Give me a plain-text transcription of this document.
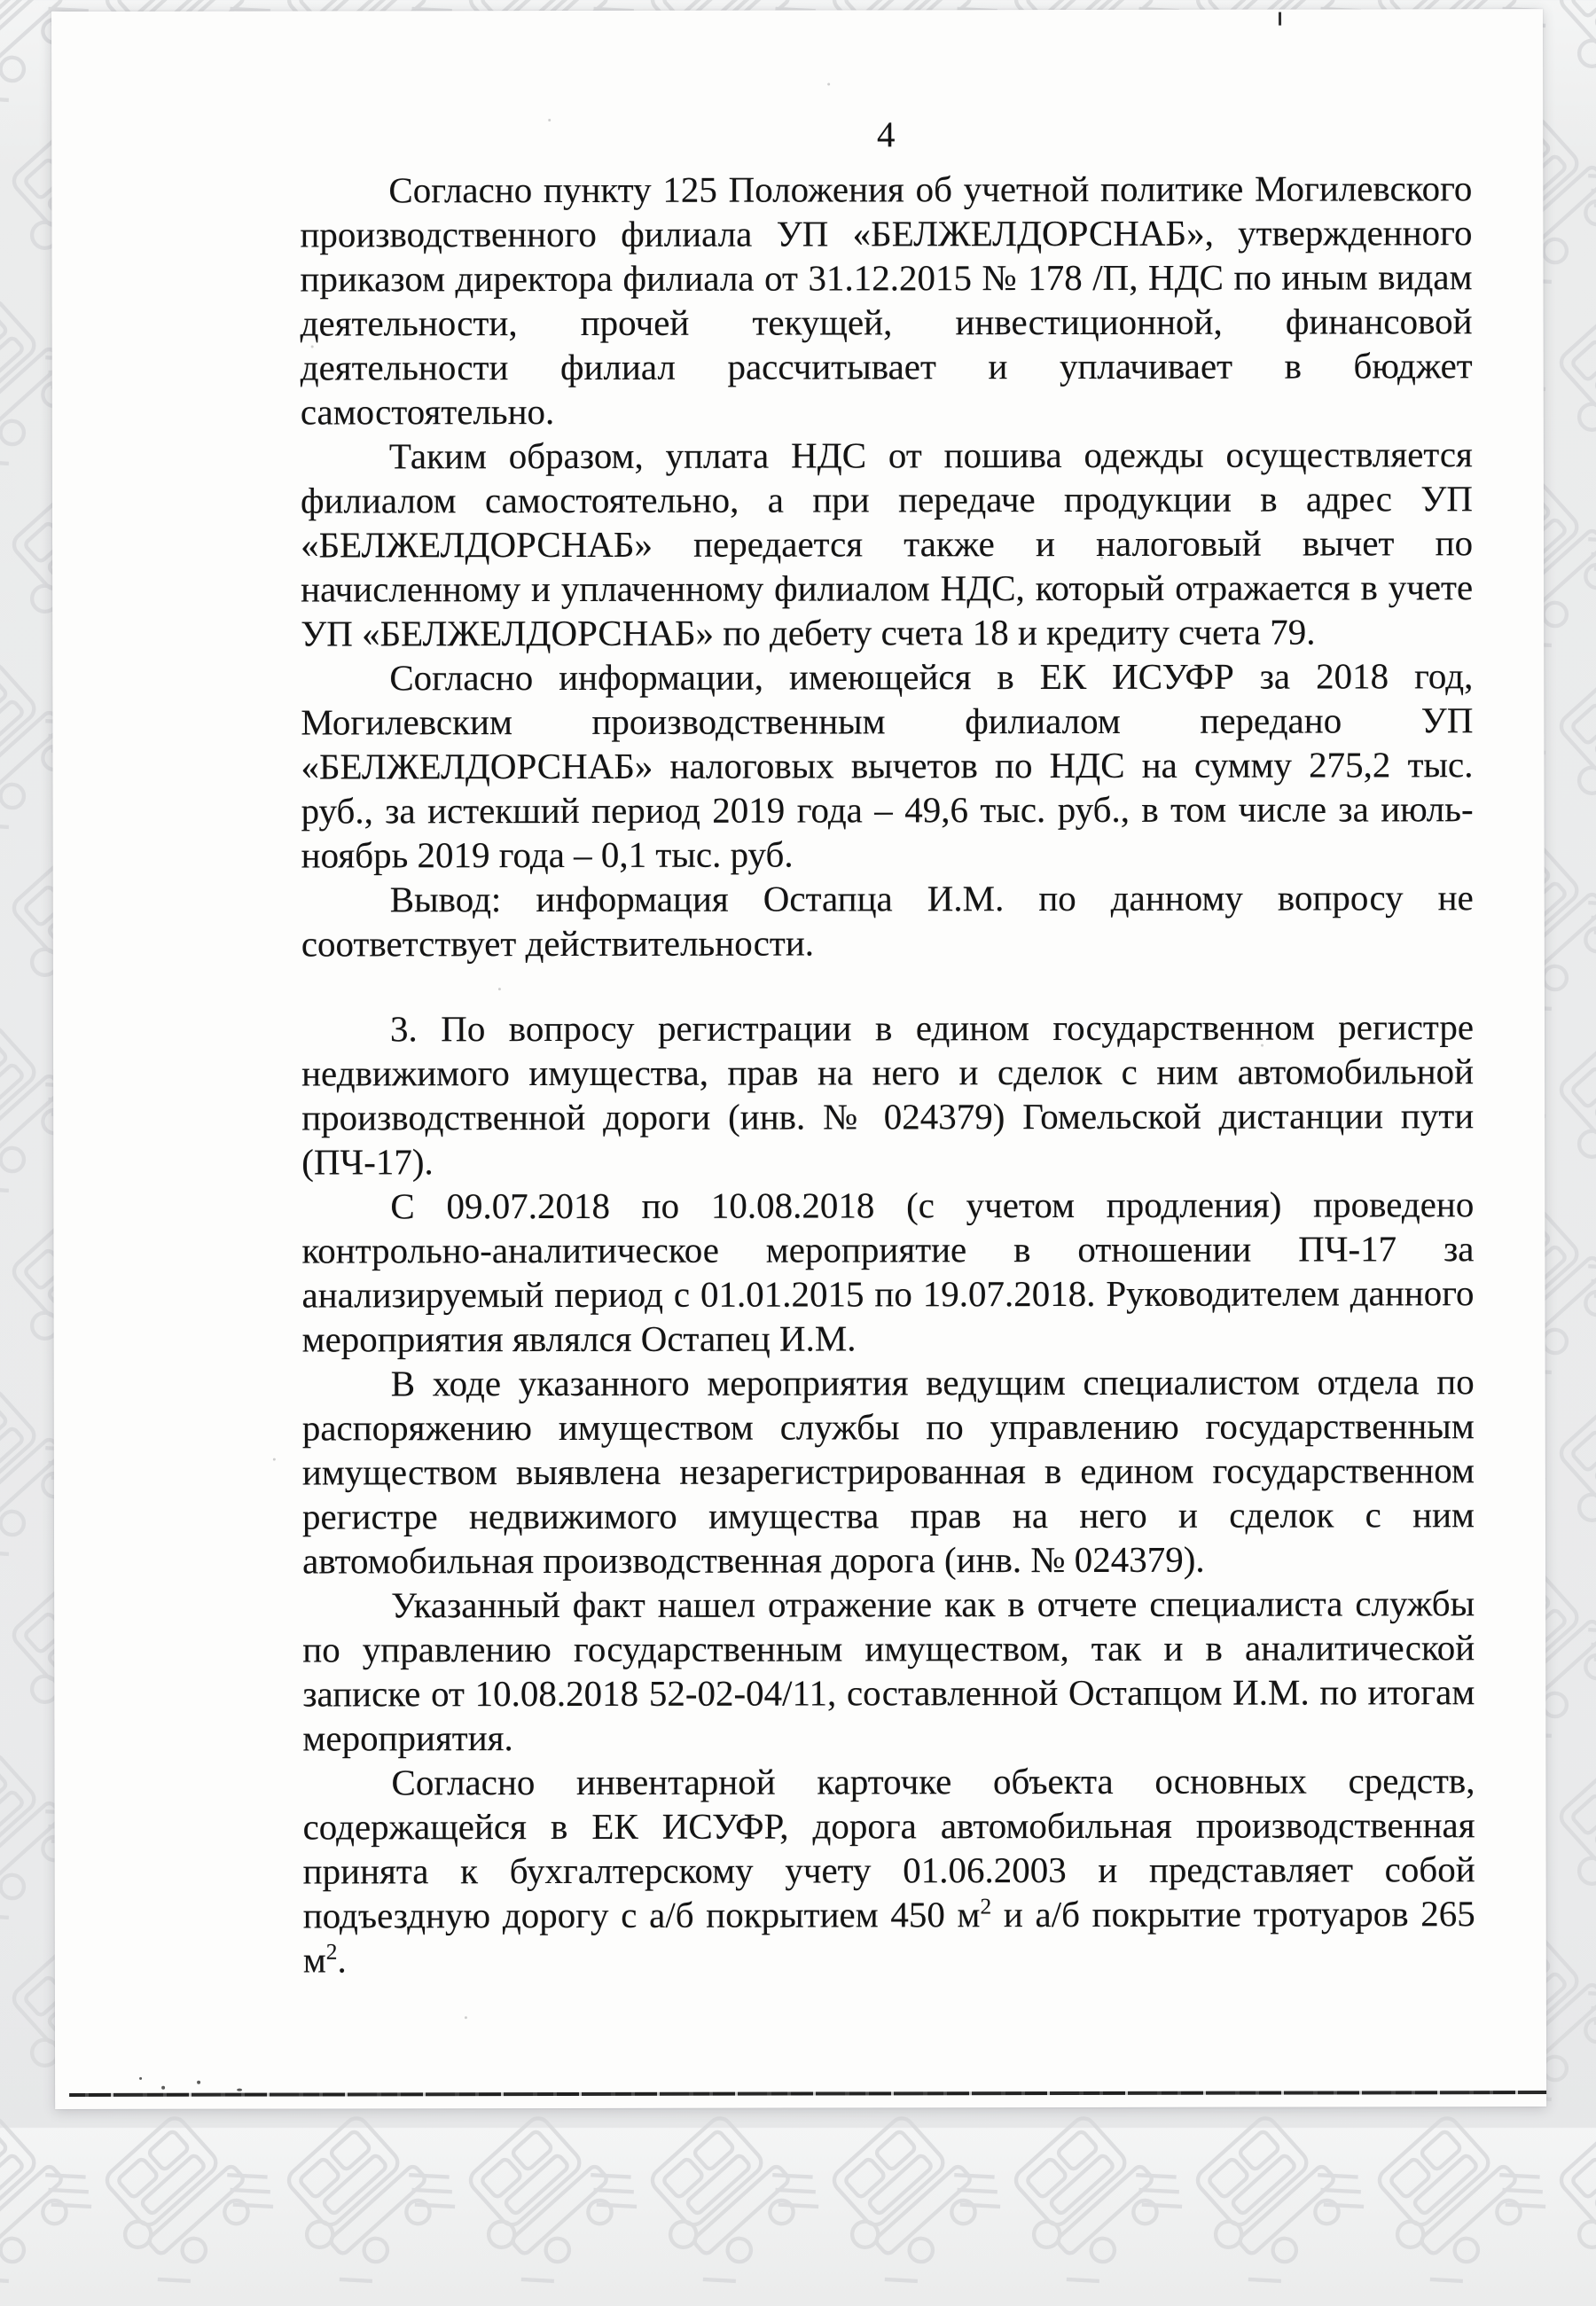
4

Согласно пункту 125 Положения об учетной политике Могилевского производственного филиала УП «БЕЛЖЕЛДОРСНАБ», утвержденного приказом директора филиала от 31.12.2015 № 178 /П, НДС по иным видам деятельности, прочей текущей, инвестиционной, финансовой деятельности филиал рассчитывает и уплачивает в бюджет самостоятельно.

Таким образом, уплата НДС от пошива одежды осуществляется филиалом самостоятельно, а при передаче продукции в адрес УП «БЕЛЖЕЛДОРСНАБ» передается также и налоговый вычет по начисленному и уплаченному филиалом НДС, который отражается в учете УП «БЕЛЖЕЛДОРСНАБ» по дебету счета 18 и кредиту счета 79.

Согласно информации, имеющейся в ЕК ИСУФР за 2018 год, Могилевским производственным филиалом передано УП «БЕЛЖЕЛДОРСНАБ» налоговых вычетов по НДС на сумму 275,2 тыс. руб., за истекший период 2019 года – 49,6 тыс. руб., в том числе за июль-ноябрь 2019 года – 0,1 тыс. руб.

Вывод: информация Остапца И.М. по данному вопросу не соответствует действительности.

3. По вопросу регистрации в едином государственном регистре недвижимого имущества, прав на него и сделок с ним автомобильной производственной дороги (инв. № 024379) Гомельской дистанции пути (ПЧ-17).

С 09.07.2018 по 10.08.2018 (с учетом продления) проведено контрольно-аналитическое мероприятие в отношении ПЧ-17 за анализируемый период с 01.01.2015 по 19.07.2018. Руководителем данного мероприятия являлся Остапец И.М.

В ходе указанного мероприятия ведущим специалистом отдела по распоряжению имуществом службы по управлению государственным имуществом выявлена незарегистрированная в едином государственном регистре недвижимого имущества прав на него и сделок с ним автомобильная производственная дорога (инв. № 024379).

Указанный факт нашел отражение как в отчете специалиста службы по управлению государственным имуществом, так и в аналитической записке от 10.08.2018 52-02-04/11, составленной Остапцом И.М. по итогам мероприятия.

Согласно инвентарной карточке объекта основных средств, содержащейся в ЕК ИСУФР, дорога автомобильная производственная принята к бухгалтерскому учету 01.06.2003 и представляет собой подъездную дорогу с а/б покрытием 450 $м^2$ и а/б покрытие тротуаров 265 $м^2$.
